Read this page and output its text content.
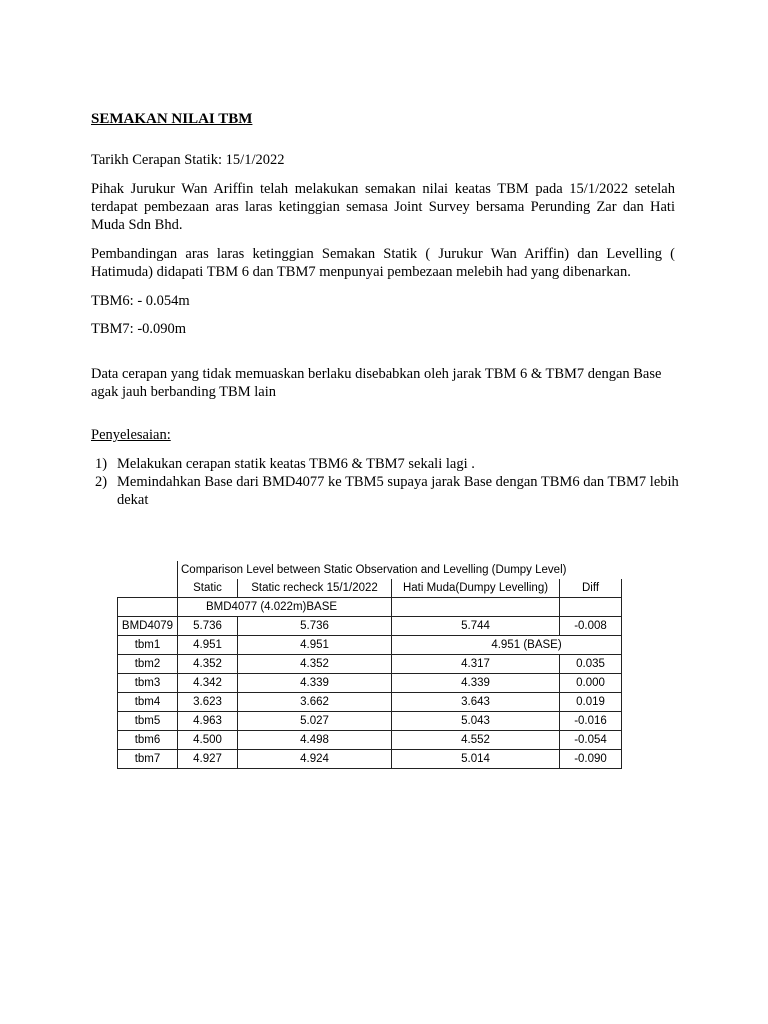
SEMAKAN NILAI TBM
Tarikh Cerapan Statik: 15/1/2022
Pihak Jurukur Wan Ariffin telah melakukan semakan nilai keatas TBM pada 15/1/2022 setelah terdapat pembezaan aras laras ketinggian semasa Joint Survey bersama Perunding Zar dan Hati Muda Sdn Bhd.
Pembandingan aras laras ketinggian Semakan Statik ( Jurukur Wan Ariffin) dan Levelling ( Hatimuda) didapati TBM 6 dan TBM7 menpunyai pembezaan melebih had yang dibenarkan.
TBM6: - 0.054m
TBM7: -0.090m
Data cerapan yang tidak memuaskan berlaku disebabkan oleh jarak TBM 6 & TBM7 dengan Base agak jauh berbanding TBM lain
Penyelesaian:
1) Melakukan cerapan statik keatas TBM6 & TBM7 sekali lagi .
2) Memindahkan Base dari BMD4077 ke TBM5 supaya jarak Base dengan TBM6 dan TBM7 lebih dekat
	Comparison Level between Static Observation and Levelling (Dumpy Level)			
	Static	Static recheck 15/1/2022	Hati Muda(Dumpy Levelling)	Diff
	BMD4077 (4.022m)BASE			
BMD4079	5.736	5.736	5.744	-0.008
tbm1	4.951	4.951	4.951 (BASE)	
tbm2	4.352	4.352	4.317	0.035
tbm3	4.342	4.339	4.339	0.000
tbm4	3.623	3.662	3.643	0.019
tbm5	4.963	5.027	5.043	-0.016
tbm6	4.500	4.498	4.552	-0.054
tbm7	4.927	4.924	5.014	-0.090
